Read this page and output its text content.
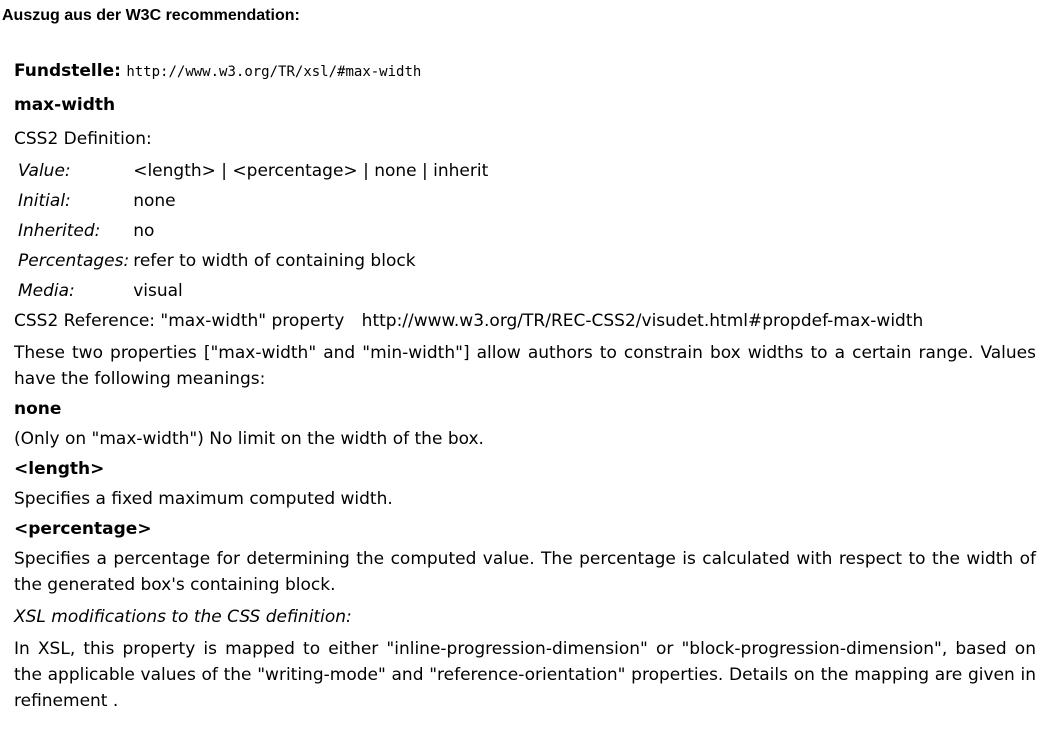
Auszug aus der W3C recommendation:
Fundstelle: http://www.w3.org/TR/xsl/#max-width
max-width
CSS2 Definition:
Value:	<length> | <percentage> | none | inherit
Initial:	none
Inherited:	no
Percentages:	refer to width of containing block
Media:	visual
CSS2 Reference: "max-width" property http://www.w3.org/TR/REC-CSS2/visudet.html#propdef-max-width
These two properties ["max-width" and "min-width"] allow authors to constrain box widths to a certain range. Values have the following meanings:
none
(Only on "max-width") No limit on the width of the box.
<length>
Specifies a fixed maximum computed width.
<percentage>
Specifies a percentage for determining the computed value. The percentage is calculated with respect to the width of the generated box's containing block.
XSL modifications to the CSS definition:
In XSL, this property is mapped to either "inline-progression-dimension" or "block-progression-dimension", based on the applicable values of the "writing-mode" and "reference-orientation" properties. Details on the mapping are given in refinement .
